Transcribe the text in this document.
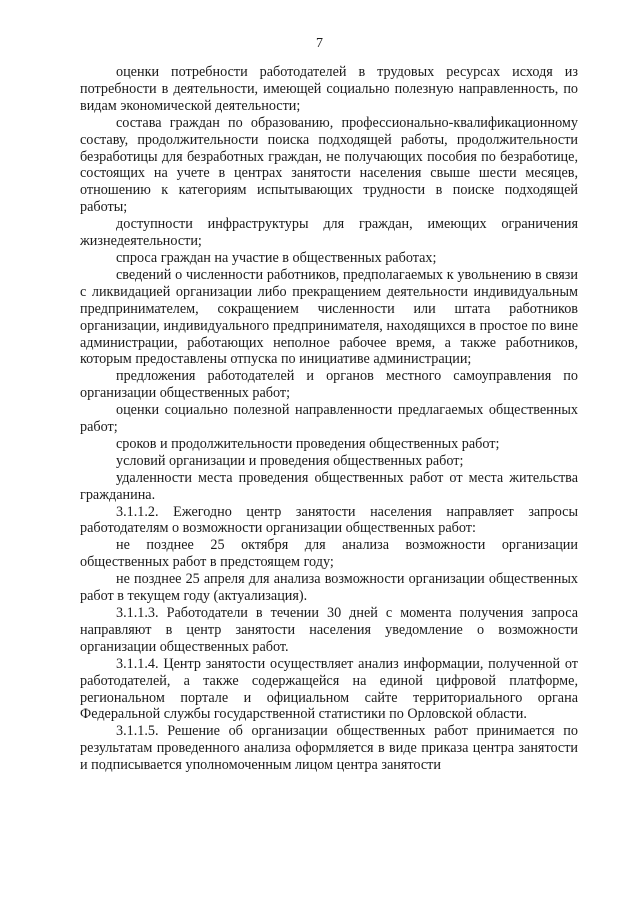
7

оценки потребности работодателей в трудовых ресурсах исходя из потребности в деятельности, имеющей социально полезную направленность, по видам экономической деятельности;

состава граждан по образованию, профессионально-квалификационному составу, продолжительности поиска подходящей работы, продолжительности безработицы для безработных граждан, не получающих пособия по безработице, состоящих на учете в центрах занятости населения свыше шести месяцев, отношению к категориям испытывающих трудности в поиске подходящей работы;

доступности инфраструктуры для граждан, имеющих ограничения жизнедеятельности;

спроса граждан на участие в общественных работах;

сведений о численности работников, предполагаемых к увольнению в связи с ликвидацией организации либо прекращением деятельности индивидуальным предпринимателем, сокращением численности или штата работников организации, индивидуального предпринимателя, находящихся в простое по вине администрации, работающих неполное рабочее время, а также работников, которым предоставлены отпуска по инициативе администрации;

предложения работодателей и органов местного самоуправления по организации общественных работ;

оценки социально полезной направленности предлагаемых общественных работ;

сроков и продолжительности проведения общественных работ;

условий организации и проведения общественных работ;

удаленности места проведения общественных работ от места жительства гражданина.

3.1.1.2. Ежегодно центр занятости населения направляет запросы работодателям о возможности организации общественных работ:

не позднее 25 октября для анализа возможности организации общественных работ в предстоящем году;

не позднее 25 апреля для анализа возможности организации общественных работ в текущем году (актуализация).

3.1.1.3. Работодатели в течении 30 дней с момента получения запроса направляют в центр занятости населения уведомление о возможности организации общественных работ.

3.1.1.4. Центр занятости осуществляет анализ информации, полученной от работодателей, а также содержащейся на единой цифровой платформе, региональном портале и официальном сайте территориального органа Федеральной службы государственной статистики по Орловской области.

3.1.1.5. Решение об организации общественных работ принимается по результатам проведенного анализа оформляется в виде приказа центра занятости и подписывается уполномоченным лицом центра занятости
